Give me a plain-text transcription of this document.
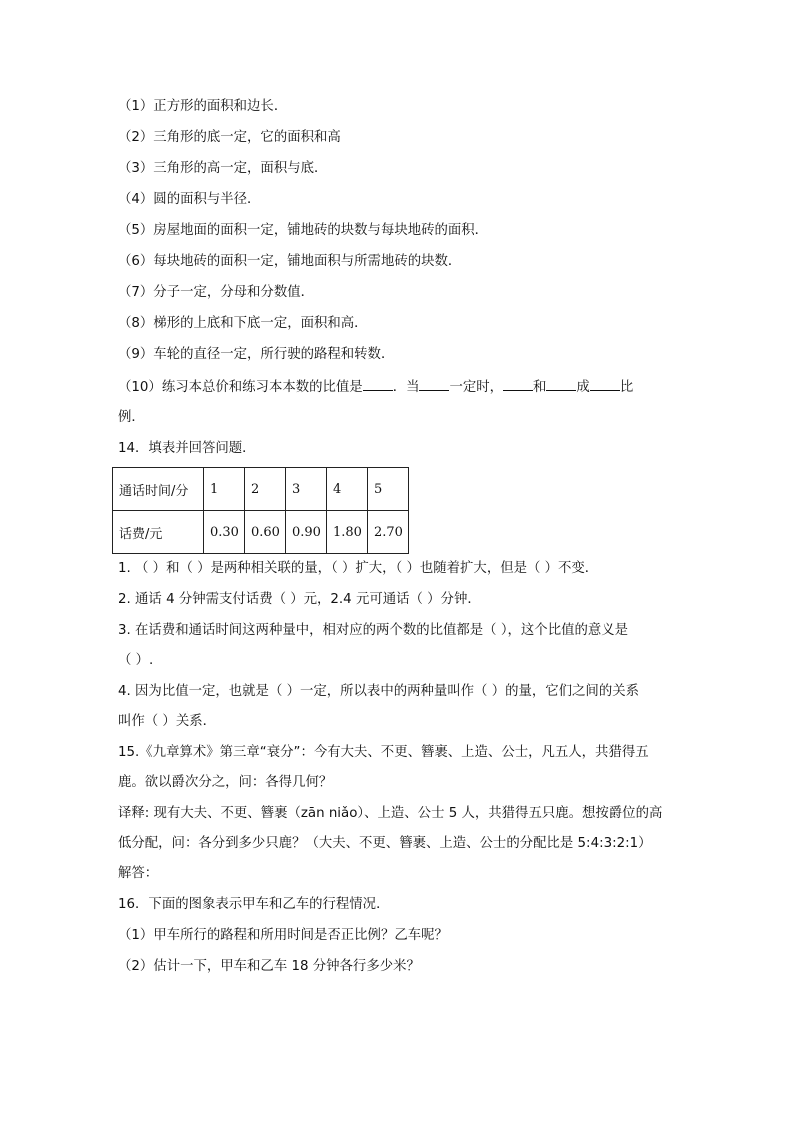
（1）正方形的面积和边长．
（2）三角形的底一定，它的面积和高
（3）三角形的高一定，面积与底．
（4）圆的面积与半径．
（5）房屋地面的面积一定，铺地砖的块数与每块地砖的面积．
（6）每块地砖的面积一定，铺地面积与所需地砖的块数．
（7）分子一定，分母和分数值．
（8）梯形的上底和下底一定，面积和高．
（9）车轮的直径一定，所行驶的路程和转数．
（10）练习本总价和练习本本数的比值是 ．当 一定时， 和 成 比
例．
14．填表并回答问题．
通话时间/分	1	2	3	4	5
话费/元	0.30	0.60	0.90	1.80	2.70
1. （ ）和（ ）是两种相关联的量，（ ）扩大，（ ）也随着扩大，但是（ ）不变．
2. 通话 4 分钟需支付话费（ ）元，2.4 元可通话（ ）分钟．
3. 在话费和通话时间这两种量中，相对应的两个数的比值都是（ ），这个比值的意义是
（ ）.
4. 因为比值一定，也就是（ ）一定，所以表中的两种量叫作（ ）的量，它们之间的关系
叫作（ ）关系．
15.《九章算术》第三章“衰分”：今有大夫、不更、簪裹、上造、公士，凡五人，共猎得五
鹿。欲以爵次分之，问：各得几何？
译释: 现有大夫、不更、簪裹（zān niǎo）、上造、公士 5 人，共猎得五只鹿。想按爵位的高
低分配，问：各分到多少只鹿？（大夫、不更、簪裹、上造、公士的分配比是 5:4:3:2:1）
解答：
16．下面的图象表示甲车和乙车的行程情况．
（1）甲车所行的路程和所用时间是否正比例？乙车呢？
（2）估计一下，甲车和乙车 18 分钟各行多少米？
